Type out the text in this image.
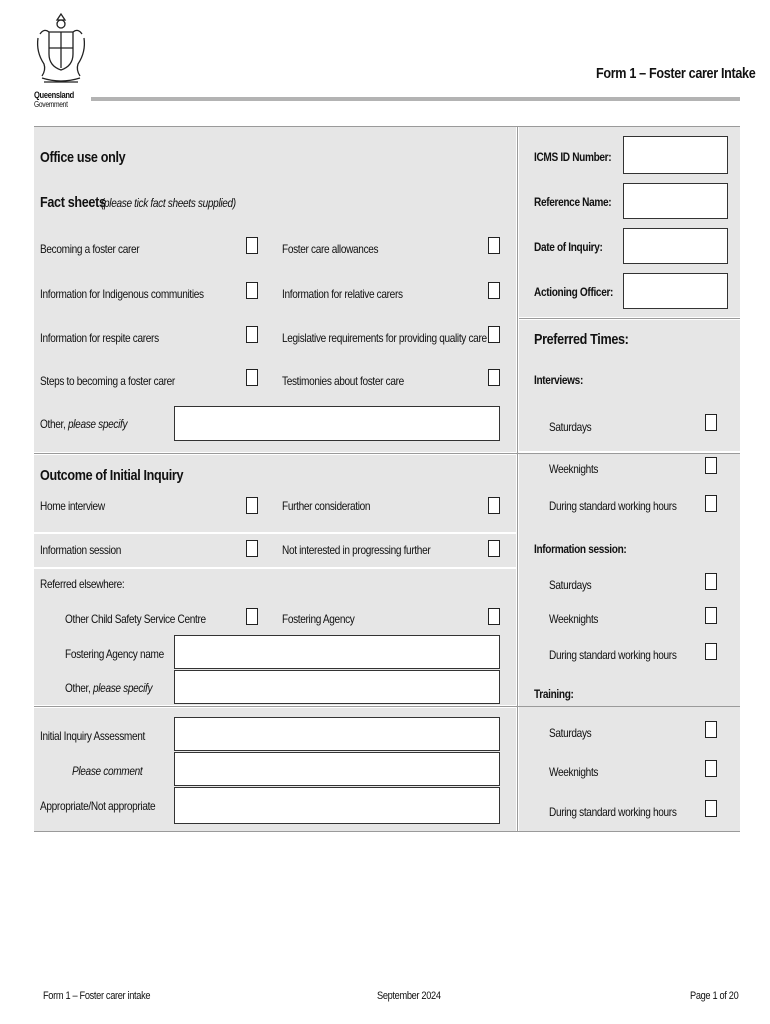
Queensland
Government
Form 1 – Foster carer Intake
Office use only
Fact sheets
(please tick fact sheets supplied)
Becoming a foster carer	Foster care allowances
Information for Indigenous communities	Information for relative carers
Information for respite carers	Legislative requirements for providing quality care
Steps to becoming a foster carer	Testimonies about foster care
Other, please specify
Outcome of Initial Inquiry
Home interview	Further consideration
Information session	Not interested in progressing further
Referred elsewhere:
Other Child Safety Service Centre	Fostering Agency
Fostering Agency name
Other, please specify
Initial Inquiry Assessment
Please comment
Appropriate/Not appropriate
ICMS ID Number:
Reference Name:
Date of Inquiry:
Actioning Officer:
Preferred Times:
Interviews:
Saturdays
Weeknights
During standard working hours
Information session:
Saturdays
Weeknights
During standard working hours
Training:
Saturdays
Weeknights
During standard working hours
Form 1 – Foster carer intake	September 2024	Page 1 of 20
